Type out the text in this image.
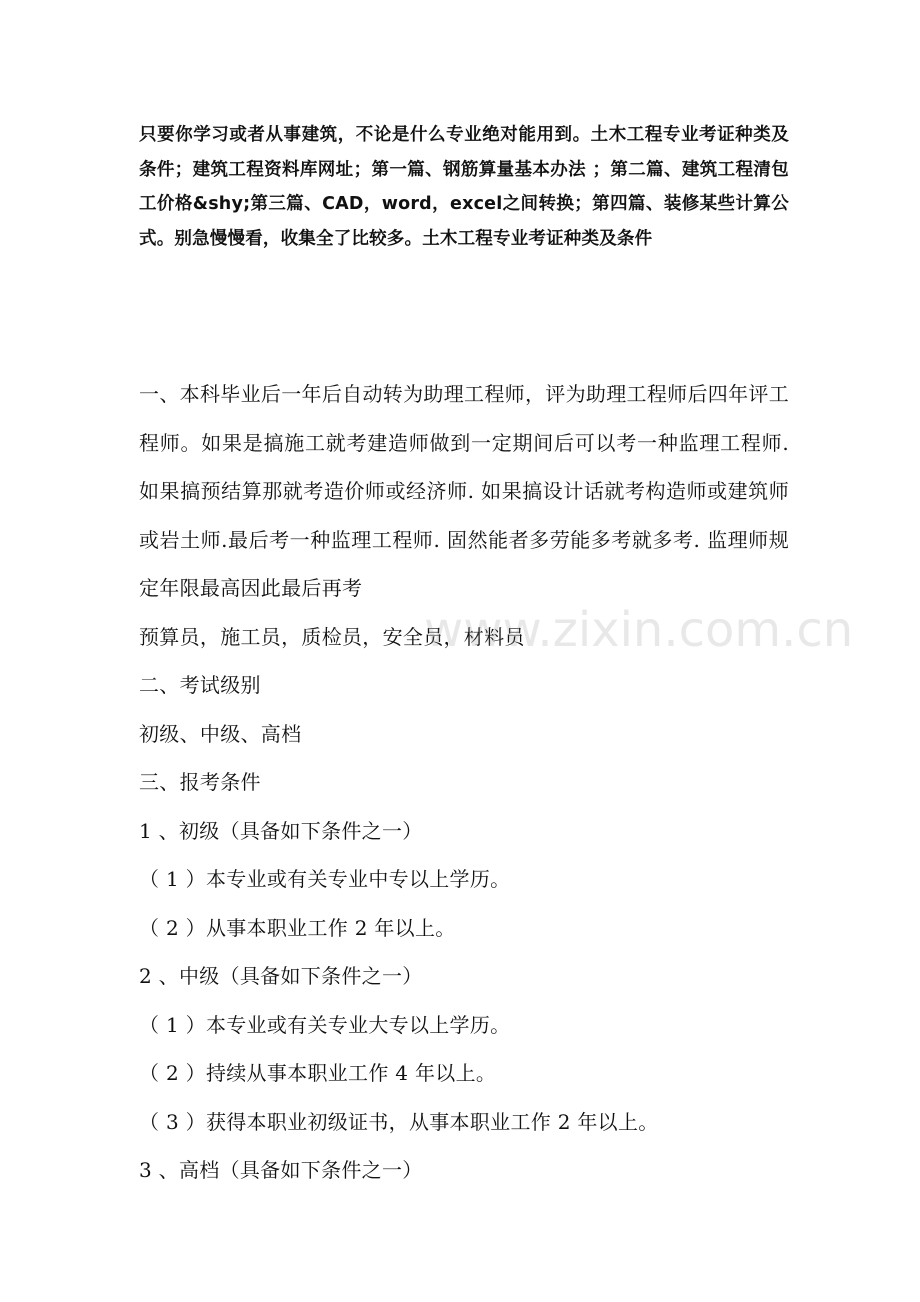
只要你学习或者从事建筑，不论是什么专业绝对能用到。土木工程专业考证种类及条件；建筑工程资料库网址；第一篇、钢筋算量基本办法 ；第二篇、建筑工程清包工价格&shy;第三篇、CAD，word，excel之间转换；第四篇、装修某些计算公式。别急慢慢看，收集全了比较多。土木工程专业考证种类及条件

一、本科毕业后一年后自动转为助理工程师，评为助理工程师后四年评工程师。如果是搞施工就考建造师做到一定期间后可以考一种监理工程师.如果搞预结算那就考造价师或经济师. 如果搞设计话就考构造师或建筑师或岩土师.最后考一种监理工程师. 固然能者多劳能多考就多考. 监理师规定年限最高因此最后再考

预算员，施工员，质检员，安全员，材料员

二、考试级别

初级、中级、高档

三、报考条件

1 、初级（具备如下条件之一）

（ 1 ）本专业或有关专业中专以上学历。

（ 2 ）从事本职业工作 2 年以上。

2 、中级（具备如下条件之一）

（ 1 ）本专业或有关专业大专以上学历。

（ 2 ）持续从事本职业工作 4 年以上。

（ 3 ）获得本职业初级证书，从事本职业工作 2 年以上。

3 、高档（具备如下条件之一）

www.zixin.com.cn
